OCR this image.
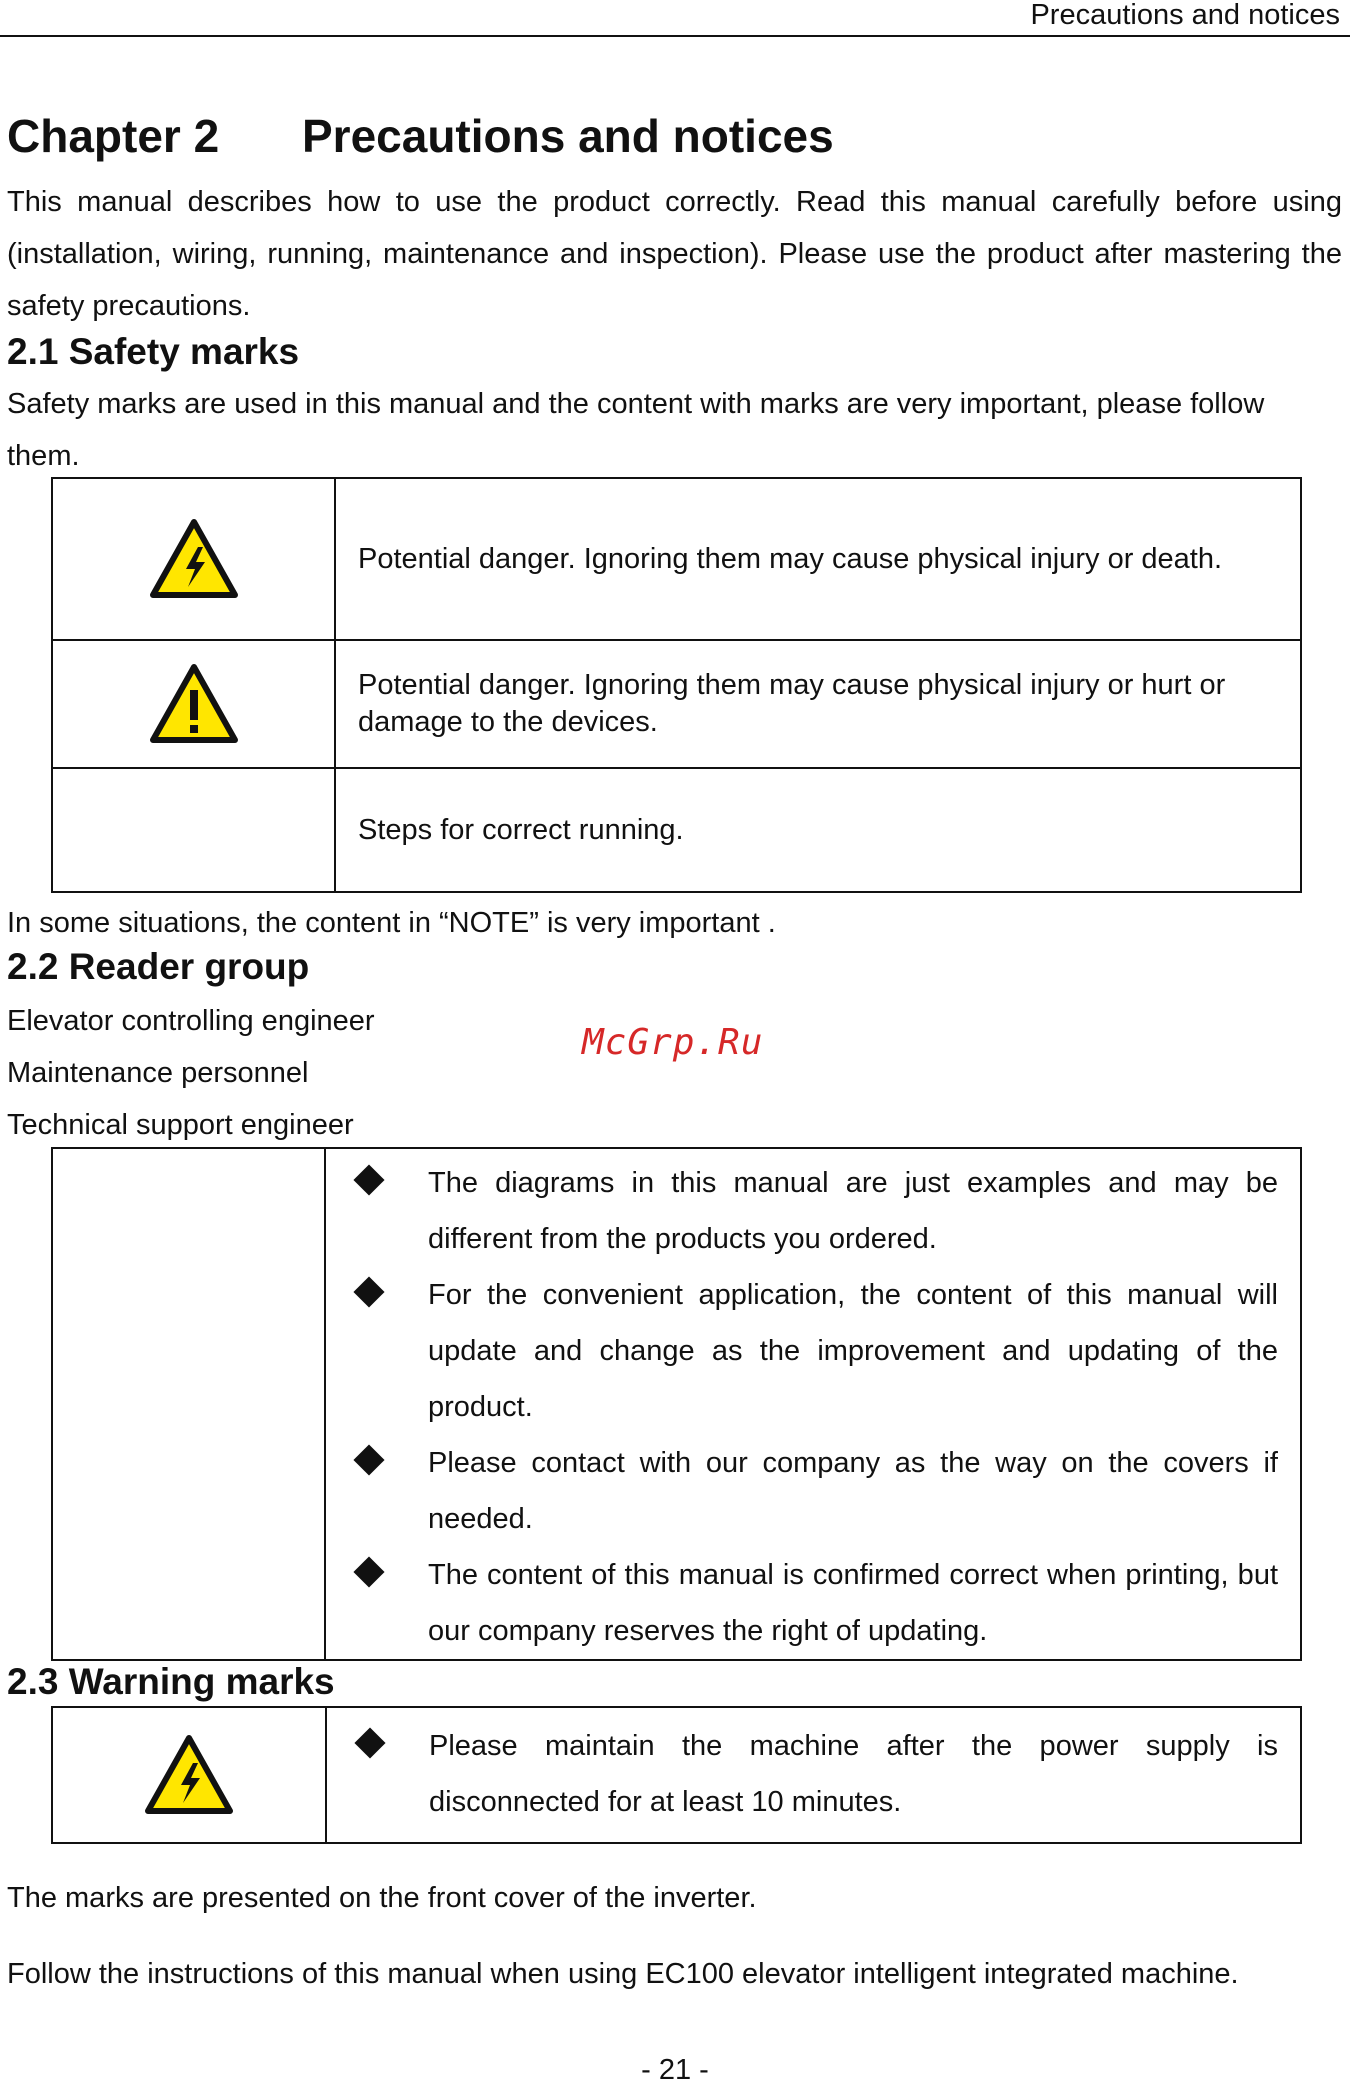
Precautions and notices
Chapter 2 Precautions and notices
This manual describes how to use the product correctly. Read this manual carefully before using (installation, wiring, running, maintenance and inspection). Please use the product after mastering the safety precautions.
2.1 Safety marks
Safety marks are used in this manual and the content with marks are very important, please follow them.

Potential danger. Ignoring them may cause physical injury or death.

Potential danger. Ignoring them may cause physical injury or hurt or damage to the devices.

	Steps for correct running.
In some situations, the content in “NOTE” is very important .
2.2 Reader group
Elevator controlling engineer
Maintenance personnel
Technical support engineer
McGrp.Ru

The diagrams in this manual are just examples and may be different from the products you ordered.
For the convenient application, the content of this manual will update and change as the improvement and updating of the product.
Please contact with our company as the way on the covers if needed.
The content of this manual is confirmed correct when printing, but our company reserves the right of updating.
2.3 Warning marks

Please maintain the machine after the power supply is disconnected for at least 10 minutes.
The marks are presented on the front cover of the inverter.
Follow the instructions of this manual when using EC100 elevator intelligent integrated machine.
- 21 -
